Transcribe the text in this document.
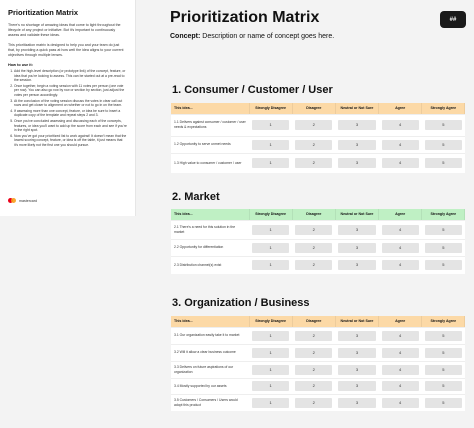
Prioritization Matrix

There's no shortage of amazing ideas that come to light throughout the lifecycle of any project or initiative. But it's important to continuously assess and validate these ideas.

This prioritization matrix is designed to help you and your team do just that, by providing a quick pass at how well the idea aligns to your current objectives through multiple lenses.

How to use it:
1. Add the high-level description (or prototype link) of the concept, feature, or idea that you're looking to assess. This can be started out at a pre-read to the session.
2. Once together, begin a voting session with 11 votes per person (one vote per row). You can also go row by row or section by section, just adjust the votes per person accordingly.
3. At the conclusion of the voting session discuss the votes in clear call out rows and get closer to alignment on whether or not to go in on the team.
4. If assessing more than one concept, feature, or idea be sure to insert a duplicate copy of the template and repeat steps 2 and 3.
5. Once you've concluded assessing and discussing each of the concepts, features, or idea you'll want to add up the score from each and see if you're in the right spot.
6. Now you've got your prioritized list to work against! It doesn't mean that the lowest scoring concept, feature, or idea is off the table, it just means that it's more likely not the first one you should pursue.
mastercard
Prioritization Matrix	##
Concept: Description or name of concept goes here.
1. Consumer / Customer / User
This idea...	Strongly Disagree	Disagree	Neutral or Not Sure	Agree	Strongly Agree
1.1 Delivers against consumer / customer / user needs & expectations	1	2	3	4	5

1.2 Opportunity to serve unmet needs	1	2	3	4	5

1.3 High value to consumer / customer / user	1	2	3	4	5
2. Market
This idea...	Strongly Disagree	Disagree	Neutral or Not Sure	Agree	Strongly Agree
2.1 There's a need for this solution in the market	1	2	3	4	5

2.2 Opportunity for differentiation	1	2	3	4	5

2.3 Distribution channel(s) exist	1	2	3	4	5
3. Organization / Business
This idea...	Strongly Disagree	Disagree	Neutral or Not Sure	Agree	Strongly Agree
3.1 Our organization easily take it to market	1	2	3	4	5

3.2 Will it allow a clear business outcome	1	2	3	4	5

3.3 Delivers on future aspirations of our organization	1	2	3	4	5

3.4 Mostly supported by our assets	1	2	3	4	5

3.5 Customers / Consumers / Users would adopt this product	1	2	3	4	5
